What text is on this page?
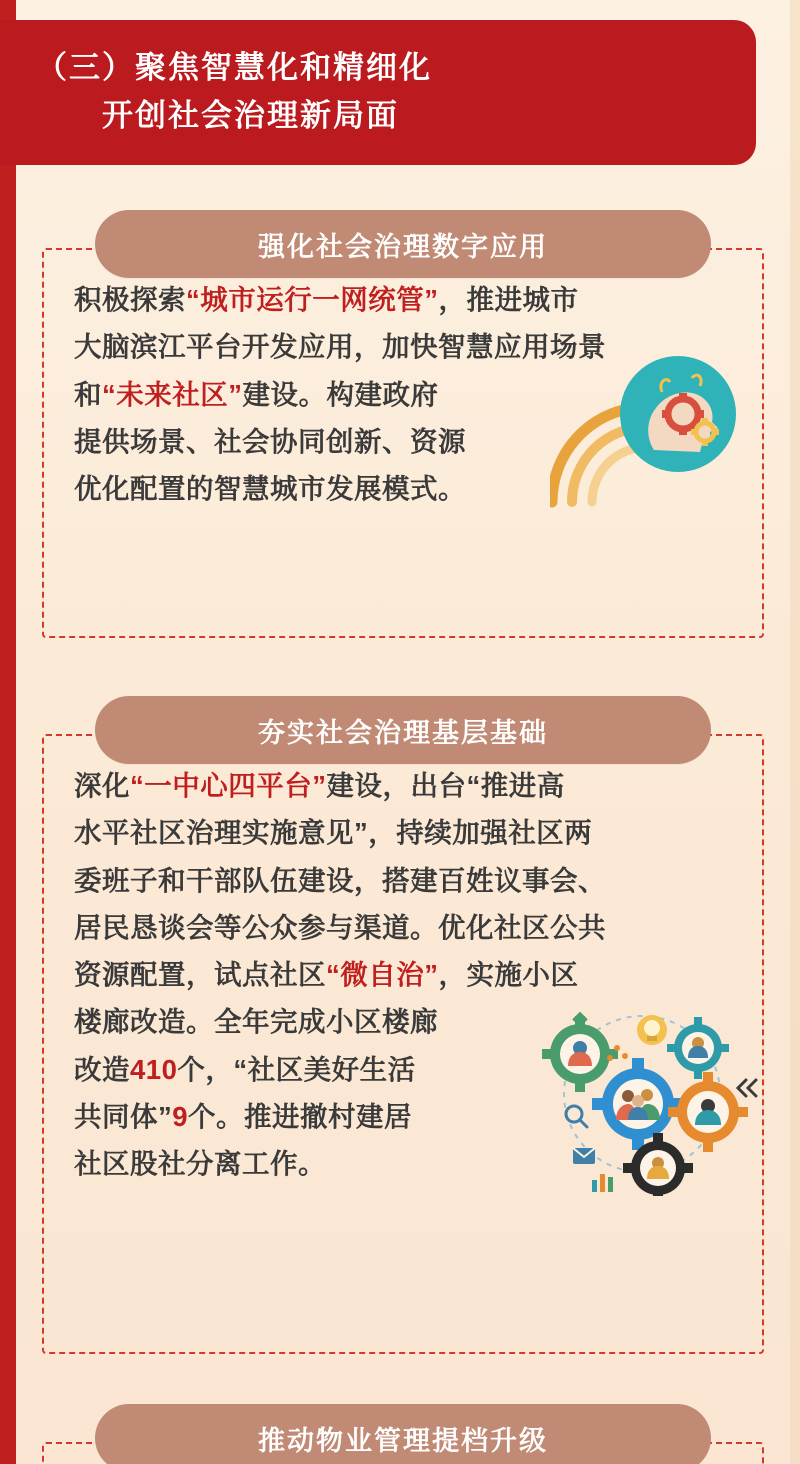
（三）聚焦智慧化和精细化
开创社会治理新局面
强化社会治理数字应用
积极探索“城市运行一网统管”，推进城市
大脑滨江平台开发应用，加快智慧应用场景
和“未来社区”建设。构建政府
提供场景、社会协同创新、资源
优化配置的智慧城市发展模式。
夯实社会治理基层基础
深化“一中心四平台”建设，出台“推进高
水平社区治理实施意见”，持续加强社区两
委班子和干部队伍建设，搭建百姓议事会、
居民恳谈会等公众参与渠道。优化社区公共
资源配置，试点社区“微自治”，实施小区
楼廊改造。全年完成小区楼廊
改造410个，“社区美好生活
共同体”9个。推进撤村建居
社区股社分离工作。
推动物业管理提档升级
